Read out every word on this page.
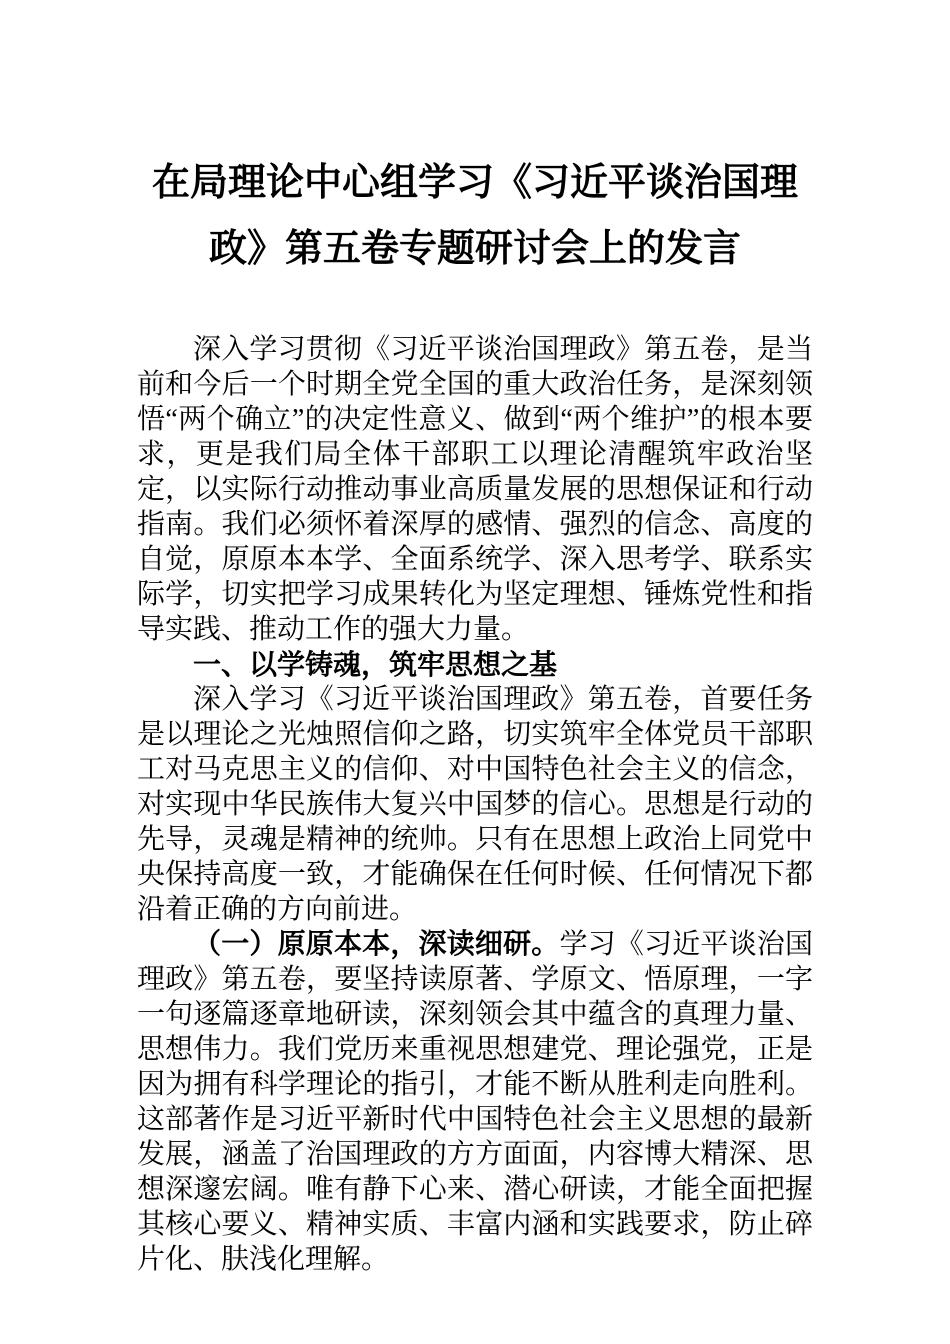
在局理论中心组学习《习近平谈治国理
政》第五卷专题研讨会上的发言

深入学习贯彻《习近平谈治国理政》第五卷，是当前和今后一个时期全党全国的重大政治任务，是深刻领悟“两个确立”的决定性意义、做到“两个维护”的根本要求，更是我们局全体干部职工以理论清醒筑牢政治坚定，以实际行动推动事业高质量发展的思想保证和行动指南。我们必须怀着深厚的感情、强烈的信念、高度的自觉，原原本本学、全面系统学、深入思考学、联系实际学，切实把学习成果转化为坚定理想、锤炼党性和指导实践、推动工作的强大力量。

一、以学铸魂，筑牢思想之基

深入学习《习近平谈治国理政》第五卷，首要任务是以理论之光烛照信仰之路，切实筑牢全体党员干部职工对马克思主义的信仰、对中国特色社会主义的信念，对实现中华民族伟大复兴中国梦的信心。思想是行动的先导，灵魂是精神的统帅。只有在思想上政治上同党中央保持高度一致，才能确保在任何时候、任何情况下都沿着正确的方向前进。

（一）原原本本，深读细研。学习《习近平谈治国理政》第五卷，要坚持读原著、学原文、悟原理，一字一句逐篇逐章地研读，深刻领会其中蕴含的真理力量、思想伟力。我们党历来重视思想建党、理论强党，正是因为拥有科学理论的指引，才能不断从胜利走向胜利。这部著作是习近平新时代中国特色社会主义思想的最新发展，涵盖了治国理政的方方面面，内容博大精深、思想深邃宏阔。唯有静下心来、潜心研读，才能全面把握其核心要义、精神实质、丰富内涵和实践要求，防止碎片化、肤浅化理解。
